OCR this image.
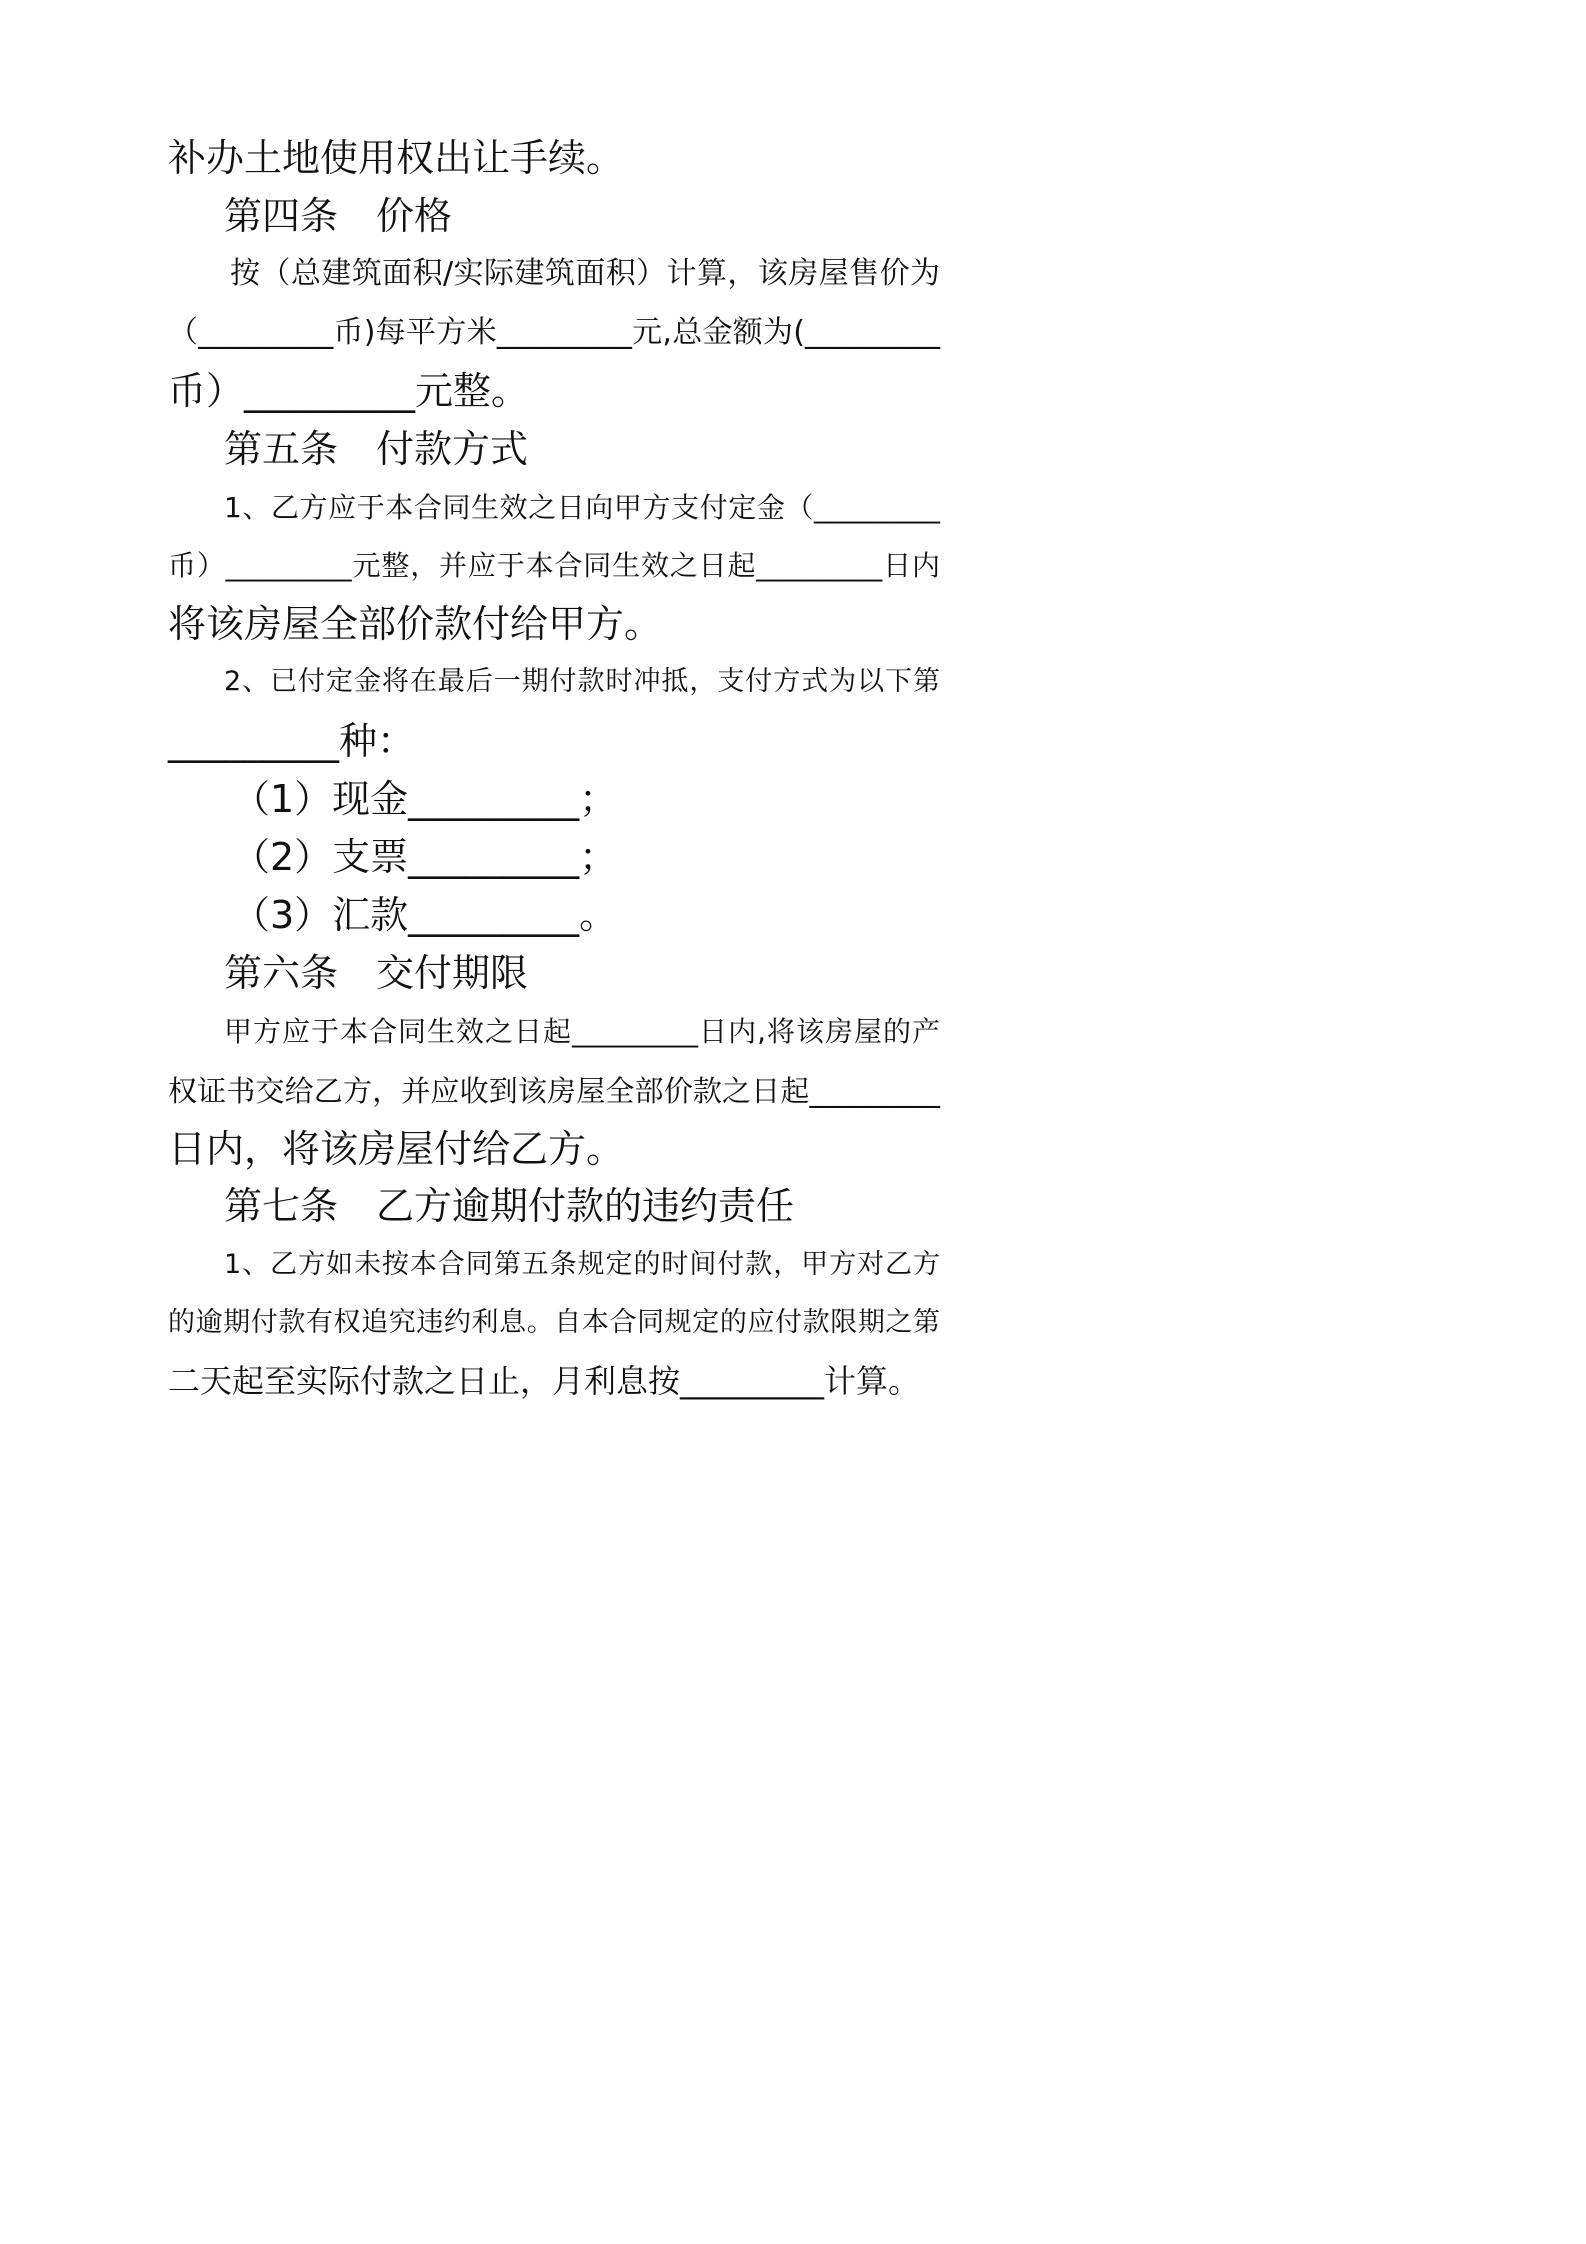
补办土地使用权出让手续。

第四条　价格

按（总建筑面积/实际建筑面积）计算，该房屋售价为

（_________币)每平方米_________元,总金额为(_________

币）_________元整。

第五条　付款方式

1、乙方应于本合同生效之日向甲方支付定金（_________

币）_________元整，并应于本合同生效之日起_________日内

将该房屋全部价款付给甲方。

2、已付定金将在最后一期付款时冲抵，支付方式为以下第

_________种：

（1）现金_________；

（2）支票_________；

（3）汇款_________。

第六条　交付期限

甲方应于本合同生效之日起_________日内,将该房屋的产

权证书交给乙方，并应收到该房屋全部价款之日起_________

日内，将该房屋付给乙方。

第七条　乙方逾期付款的违约责任

1、乙方如未按本合同第五条规定的时间付款，甲方对乙方

的逾期付款有权追究违约利息。自本合同规定的应付款限期之第

二天起至实际付款之日止，月利息按_________计算。
